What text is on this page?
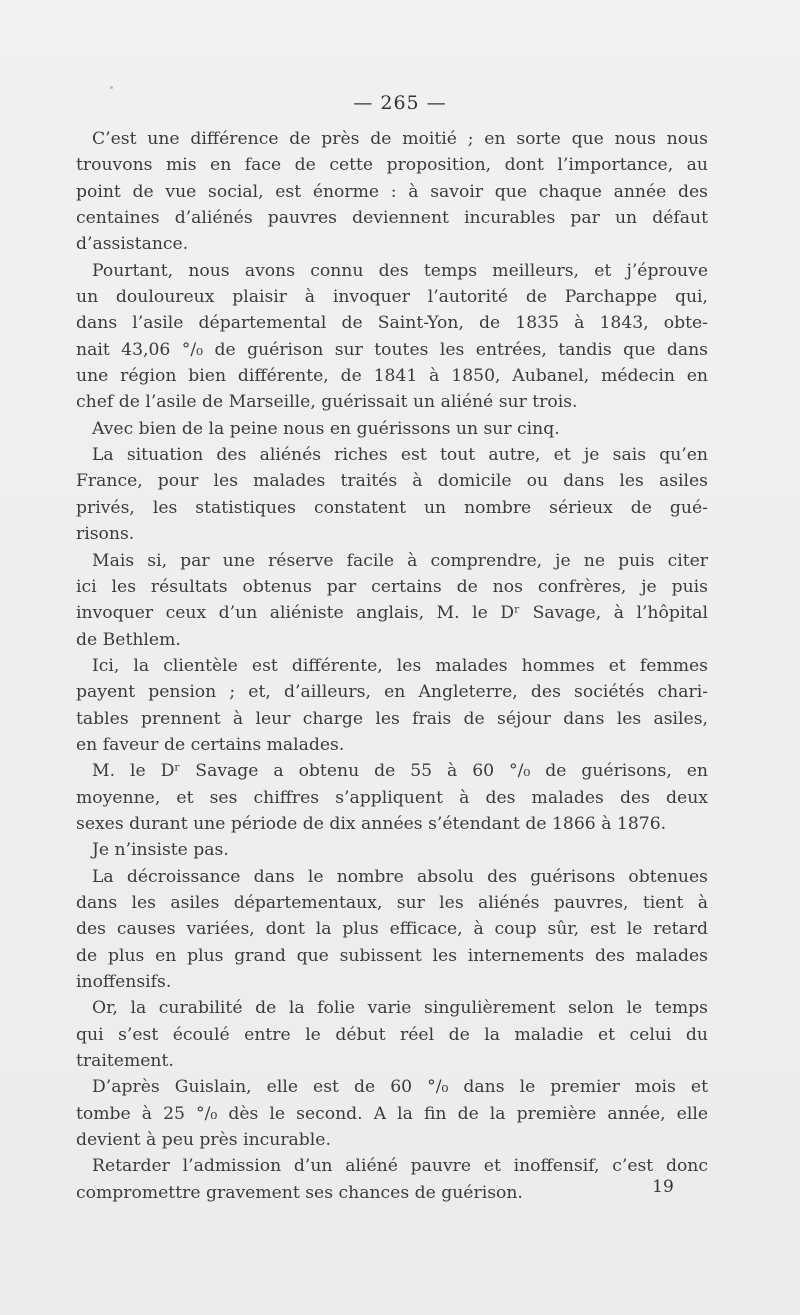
— 265 —
C’est une différence de près de moitié ; en sorte que nous nous
trouvons mis en face de cette proposition, dont l’importance, au
point de vue social, est énorme : à savoir que chaque année des
centaines d’aliénés pauvres deviennent incurables par un défaut
d’assistance.
Pourtant, nous avons connu des temps meilleurs, et j’éprouve
un douloureux plaisir à invoquer l’autorité de Parchappe qui,
dans l’asile départemental de Saint-Yon, de 1835 à 1843, obte-
nait 43,06 °/₀ de guérison sur toutes les entrées, tandis que dans
une région bien différente, de 1841 à 1850, Aubanel, médecin en
chef de l’asile de Marseille, guérissait un aliéné sur trois.
Avec bien de la peine nous en guérissons un sur cinq.
La situation des aliénés riches est tout autre, et je sais qu’en
France, pour les malades traités à domicile ou dans les asiles
privés, les statistiques constatent un nombre sérieux de gué-
risons.
Mais si, par une réserve facile à comprendre, je ne puis citer
ici les résultats obtenus par certains de nos confrères, je puis
invoquer ceux d’un aliéniste anglais, M. le Dʳ Savage, à l’hôpital
de Bethlem.
Ici, la clientèle est différente, les malades hommes et femmes
payent pension ; et, d’ailleurs, en Angleterre, des sociétés chari-
tables prennent à leur charge les frais de séjour dans les asiles,
en faveur de certains malades.
M. le Dʳ Savage a obtenu de 55 à 60 °/₀ de guérisons, en
moyenne, et ses chiffres s’appliquent à des malades des deux
sexes durant une période de dix années s’étendant de 1866 à 1876.
Je n’insiste pas.
La décroissance dans le nombre absolu des guérisons obtenues
dans les asiles départementaux, sur les aliénés pauvres, tient à
des causes variées, dont la plus efficace, à coup sûr, est le retard
de plus en plus grand que subissent les internements des malades
inoffensifs.
Or, la curabilité de la folie varie singulièrement selon le temps
qui s’est écoulé entre le début réel de la maladie et celui du
traitement.
D’après Guislain, elle est de 60 °/₀ dans le premier mois et
tombe à 25 °/₀ dès le second. A la fin de la première année, elle
devient à peu près incurable.
Retarder l’admission d’un aliéné pauvre et inoffensif, c’est donc
compromettre gravement ses chances de guérison.	19
